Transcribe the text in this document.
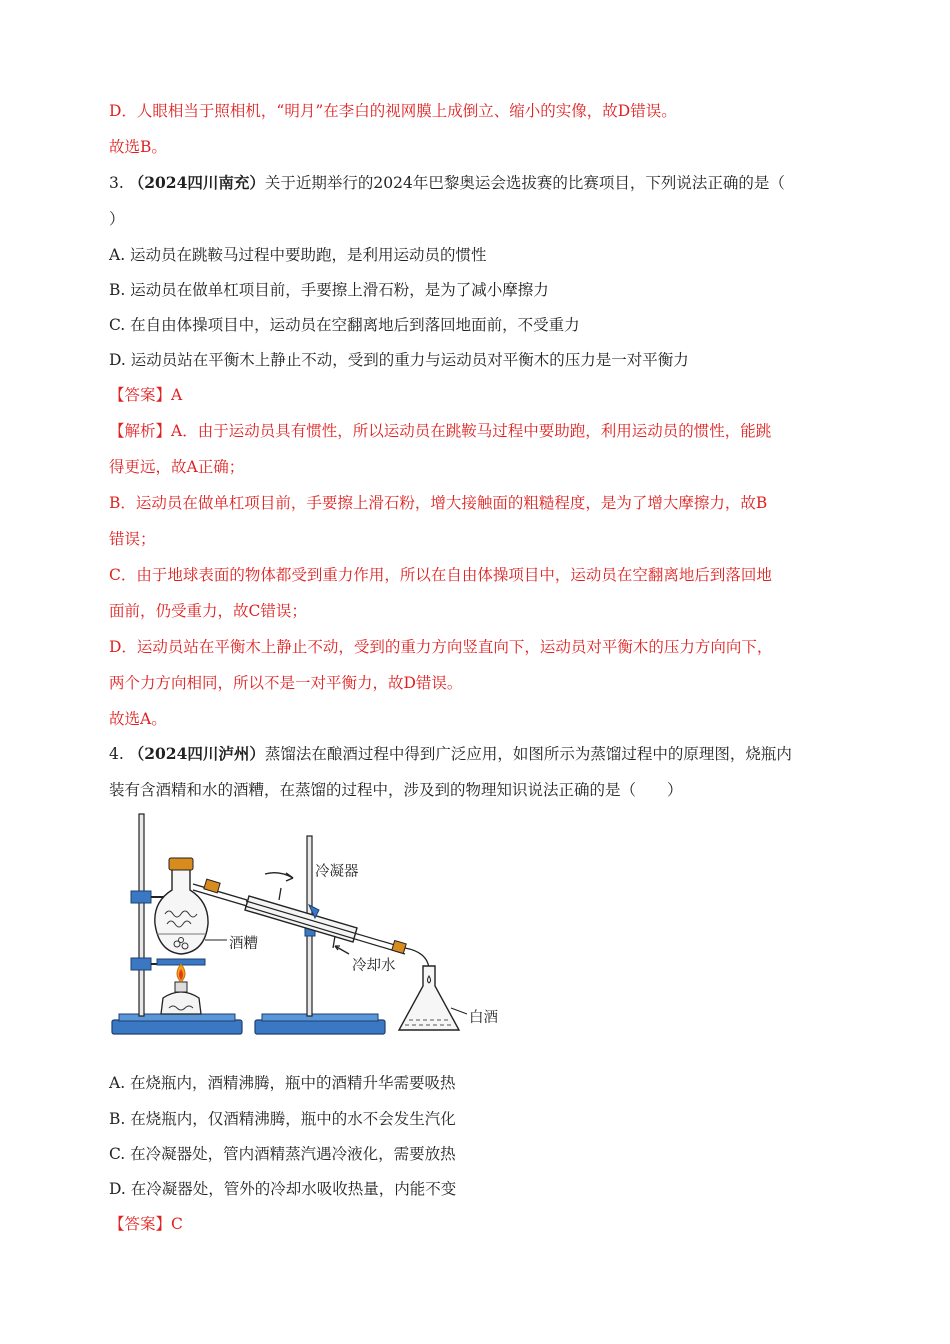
D．人眼相当于照相机，“明月”在李白的视网膜上成倒立、缩小的实像，故D错误。
故选B。
3. （2024四川南充）关于近期举行的2024年巴黎奥运会选拔赛的比赛项目，下列说法正确的是（
）
A. 运动员在跳鞍马过程中要助跑，是利用运动员的惯性
B. 运动员在做单杠项目前，手要擦上滑石粉，是为了减小摩擦力
C. 在自由体操项目中，运动员在空翻离地后到落回地面前，不受重力
D. 运动员站在平衡木上静止不动，受到的重力与运动员对平衡木的压力是一对平衡力
【答案】A
【解析】A．由于运动员具有惯性，所以运动员在跳鞍马过程中要助跑，利用运动员的惯性，能跳
得更远，故A正确；
B．运动员在做单杠项目前，手要擦上滑石粉，增大接触面的粗糙程度，是为了增大摩擦力，故B
错误；
C．由于地球表面的物体都受到重力作用，所以在自由体操项目中，运动员在空翻离地后到落回地
面前，仍受重力，故C错误；
D．运动员站在平衡木上静止不动，受到的重力方向竖直向下，运动员对平衡木的压力方向向下，
两个力方向相同，所以不是一对平衡力，故D错误。
故选A。
4. （2024四川泸州）蒸馏法在酿酒过程中得到广泛应用，如图所示为蒸馏过程中的原理图，烧瓶内
装有含酒精和水的酒糟，在蒸馏的过程中，涉及到的物理知识说法正确的是（　　）
冷凝器
酒糟
冷却水
白酒
A. 在烧瓶内，酒精沸腾，瓶中的酒精升华需要吸热
B. 在烧瓶内，仅酒精沸腾，瓶中的水不会发生汽化
C. 在冷凝器处，管内酒精蒸汽遇冷液化，需要放热
D. 在冷凝器处，管外的冷却水吸收热量，内能不变
【答案】C
